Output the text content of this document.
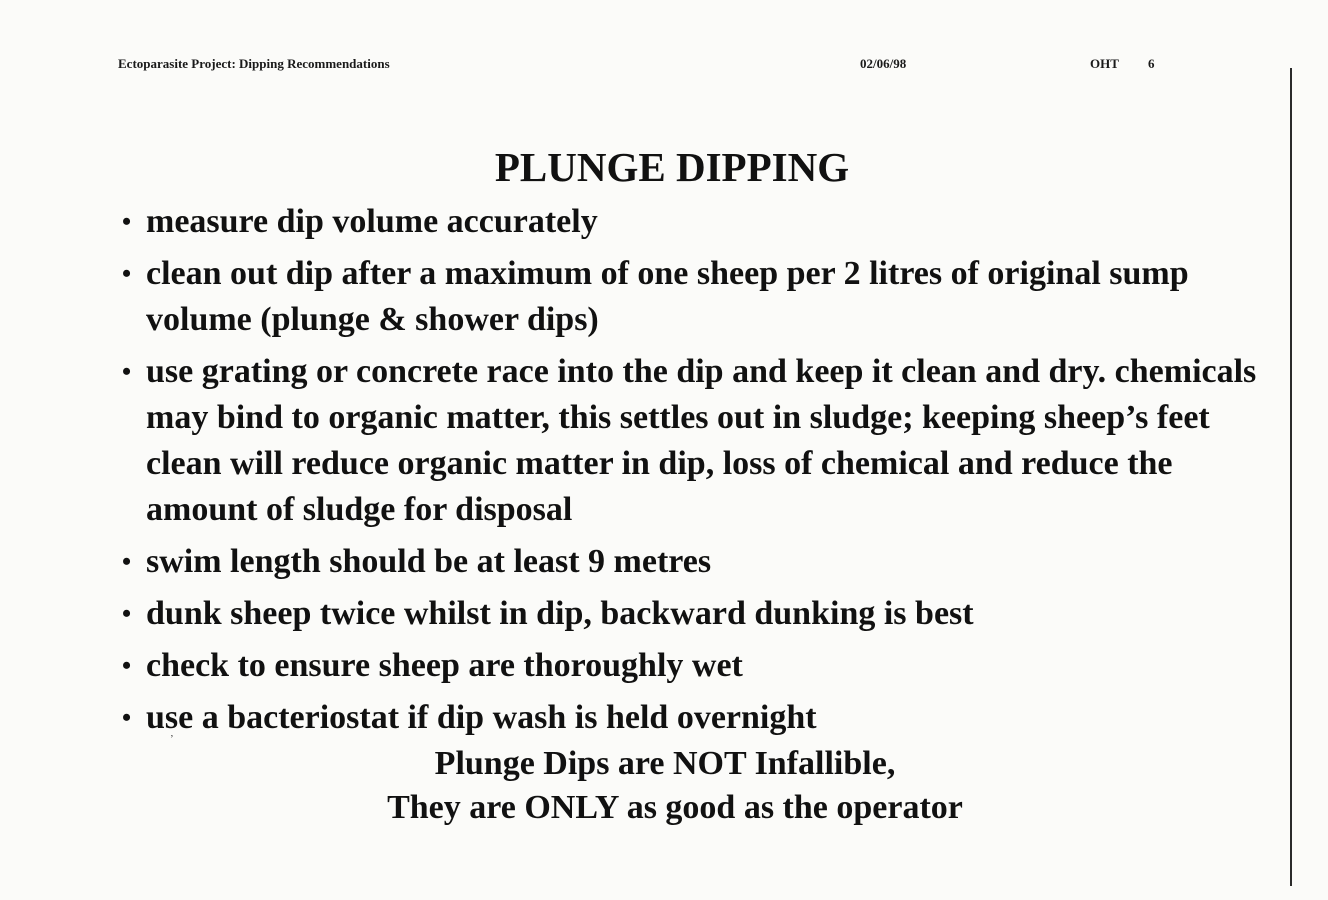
Ectoparasite Project: Dipping Recommendations	02/06/98	OHT 6
PLUNGE DIPPING
• measure dip volume accurately
• clean out dip after a maximum of one sheep per 2 litres of original sump volume (plunge & shower dips)
• use grating or concrete race into the dip and keep it clean and dry. chemicals may bind to organic matter, this settles out in sludge; keeping sheep’s feet clean will reduce organic matter in dip, loss of chemical and reduce the amount of sludge for disposal
• swim length should be at least 9 metres
• dunk sheep twice whilst in dip, backward dunking is best
• check to ensure sheep are thoroughly wet
• use a bacteriostat if dip wash is held overnight
’
Plunge Dips are NOT Infallible,
They are ONLY as good as the operator
